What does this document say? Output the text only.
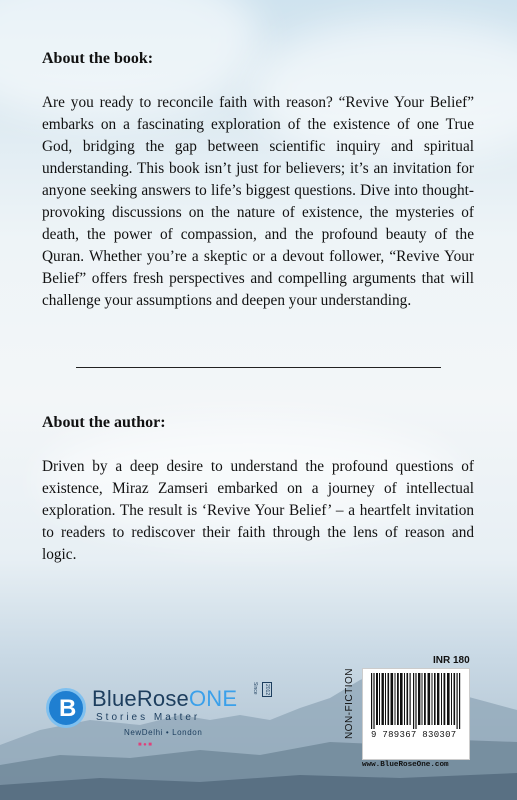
About the book:
Are you ready to reconcile faith with reason? “Revive Your Belief” embarks on a fascinating exploration of the existence of one True God, bridging the gap between scientific inquiry and spiritual understanding. This book isn’t just for believers; it’s an invitation for anyone seeking answers to life’s biggest questions. Dive into thought-provoking discussions on the nature of existence, the mysteries of death, the power of compassion, and the profound beauty of the Quran. Whether you’re a skeptic or a devout follower, “Revive Your Belief” offers fresh perspectives and compelling arguments that will challenge your assumptions and deepen your understanding.
About the author:
Driven by a deep desire to understand the profound questions of existence, Miraz Zamseri embarked on a journey of intellectual exploration. The result is ‘Revive Your Belief’ – a heartfelt invitation to readers to rediscover their faith through the lens of reason and logic.
B BlueRoseONE
Stories Matter
NewDelhi • London
■ ● ■
Since	2012	NON-FICTION
INR 180
9 789367 830307
www.BlueRoseOne.com
